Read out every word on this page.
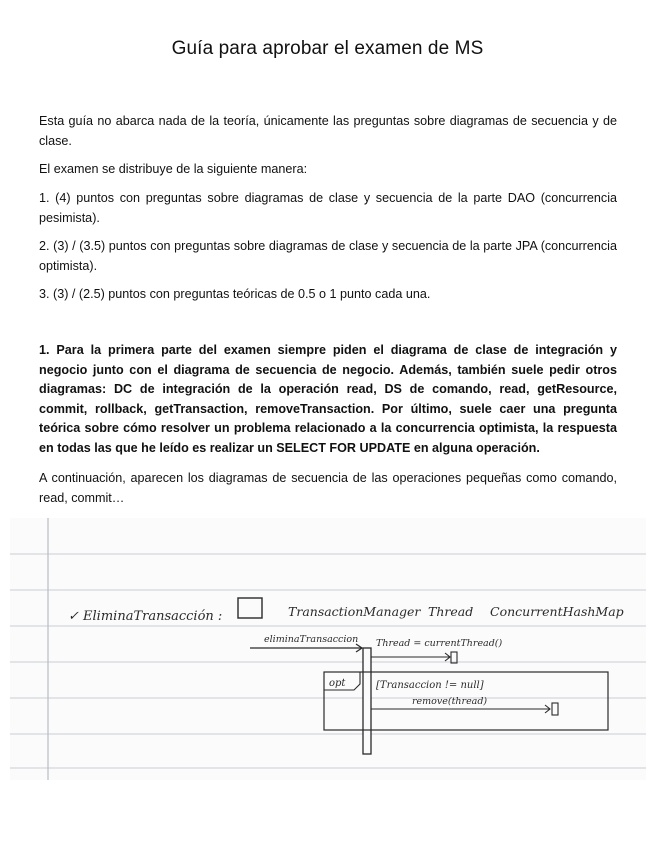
Guía para aprobar el examen de MS

Esta guía no abarca nada de la teoría, únicamente las preguntas sobre diagramas de secuencia y de clase.

El examen se distribuye de la siguiente manera:

1. (4) puntos con preguntas sobre diagramas de clase y secuencia de la parte DAO (concurrencia pesimista).

2. (3) / (3.5) puntos con preguntas sobre diagramas de clase y secuencia de la parte JPA (concurrencia optimista).

3. (3) / (2.5) puntos con preguntas teóricas de 0.5 o 1 punto cada una.

1. Para la primera parte del examen siempre piden el diagrama de clase de integración y negocio junto con el diagrama de secuencia de negocio. Además, también suele pedir otros diagramas: DC de integración de la operación read, DS de comando, read, getResource, commit, rollback, getTransaction, removeTransaction. Por último, suele caer una pregunta teórica sobre cómo resolver un problema relacionado a la concurrencia optimista, la respuesta en todas las que he leído es realizar un SELECT FOR UPDATE en alguna operación.

A continuación, aparecen los diagramas de secuencia de las operaciones pequeñas como comando, read, commit…

✓ EliminaTransacción :	TransactionManager Thread ConcurrentHashMap
eliminaTransaccion Thread = currentThread()
opt	[Transaccion != null]
remove(thread)
